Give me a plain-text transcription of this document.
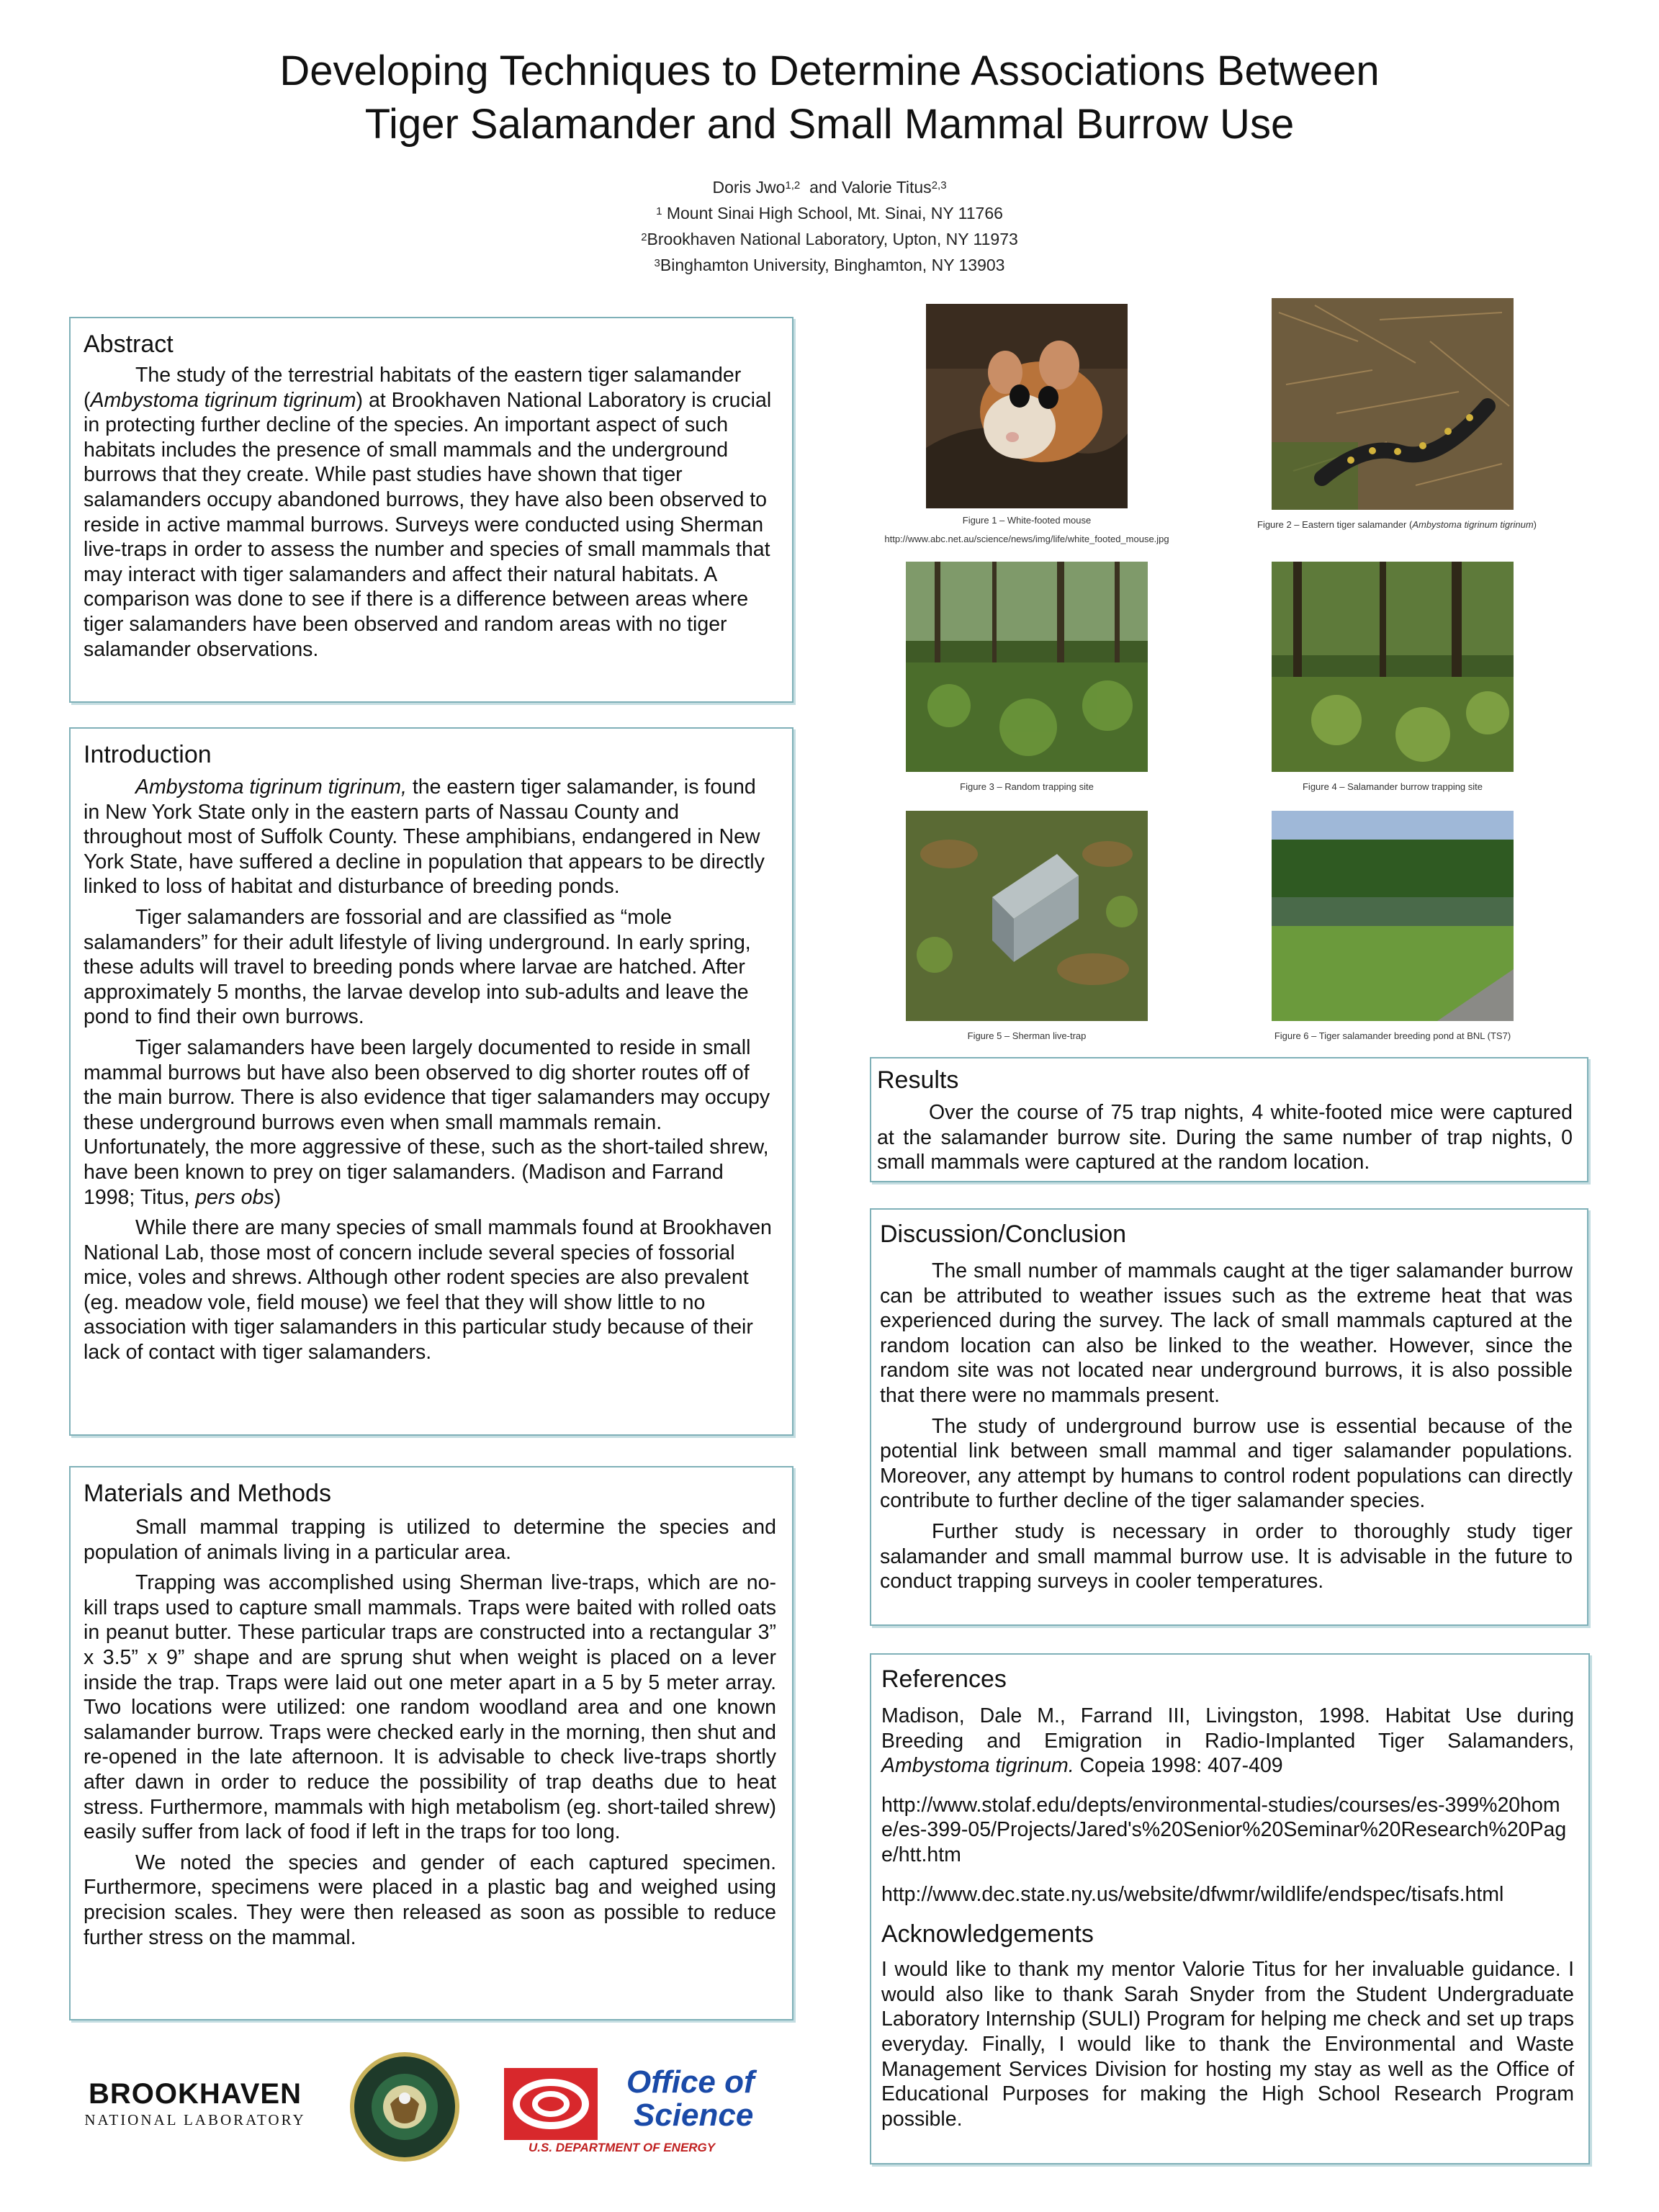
Developing Techniques to Determine Associations Between
Tiger Salamander and Small Mammal Burrow Use
Doris Jwo$^{1,2}$ and Valorie Titus$^{2,3}$
$^1$ Mount Sinai High School, Mt. Sinai, NY 11766
$^2$Brookhaven National Laboratory, Upton, NY 11973
$^3$Binghamton University, Binghamton, NY 13903
Abstract

The study of the terrestrial habitats of the eastern tiger salamander (Ambystoma tigrinum tigrinum) at Brookhaven National Laboratory is crucial in protecting further decline of the species. An important aspect of such habitats includes the presence of small mammals and the underground burrows that they create. While past studies have shown that tiger salamanders occupy abandoned burrows, they have also been observed to reside in active mammal burrows. Surveys were conducted using Sherman live-traps in order to assess the number and species of small mammals that may interact with tiger salamanders and affect their natural habitats. A comparison was done to see if there is a difference between areas where tiger salamanders have been observed and random areas with no tiger salamander observations.

Introduction

Ambystoma tigrinum tigrinum, the eastern tiger salamander, is found in New York State only in the eastern parts of Nassau County and throughout most of Suffolk County. These amphibians, endangered in New York State, have suffered a decline in population that appears to be directly linked to loss of habitat and disturbance of breeding ponds.

Tiger salamanders are fossorial and are classified as “mole salamanders” for their adult lifestyle of living underground. In early spring, these adults will travel to breeding ponds where larvae are hatched. After approximately 5 months, the larvae develop into sub-adults and leave the pond to find their own burrows.

Tiger salamanders have been largely documented to reside in small mammal burrows but have also been observed to dig shorter routes off of the main burrow. There is also evidence that tiger salamanders may occupy these underground burrows even when small mammals remain. Unfortunately, the more aggressive of these, such as the short-tailed shrew, have been known to prey on tiger salamanders. (Madison and Farrand 1998; Titus, pers obs)

While there are many species of small mammals found at Brookhaven National Lab, those most of concern include several species of fossorial mice, voles and shrews. Although other rodent species are also prevalent (eg. meadow vole, field mouse) we feel that they will show little to no association with tiger salamanders in this particular study because of their lack of contact with tiger salamanders.

Materials and Methods

Small mammal trapping is utilized to determine the species and population of animals living in a particular area.

Trapping was accomplished using Sherman live-traps, which are no-kill traps used to capture small mammals. Traps were baited with rolled oats in peanut butter. These particular traps are constructed into a rectangular 3” x 3.5” x 9” shape and are sprung shut when weight is placed on a lever inside the trap. Traps were laid out one meter apart in a 5 by 5 meter array. Two locations were utilized: one random woodland area and one known salamander burrow. Traps were checked early in the morning, then shut and re-opened in the late afternoon. It is advisable to check live-traps shortly after dawn in order to reduce the possibility of trap deaths due to heat stress. Furthermore, mammals with high metabolism (eg. short-tailed shrew) easily suffer from lack of food if left in the traps for too long.

We noted the species and gender of each captured specimen. Furthermore, specimens were placed in a plastic bag and weighed using precision scales. They were then released as soon as possible to reduce further stress on the mammal.

Figure 1 – White-footed mouse
http://www.abc.net.au/science/news/img/life/white_footed_mouse.jpg
Figure 2 – Eastern tiger salamander (Ambystoma tigrinum tigrinum)
Figure 3 – Random trapping site	Figure 4 – Salamander burrow trapping site
Figure 5 – Sherman live-trap	Figure 6 – Tiger salamander breeding pond at BNL (TS7)
Results

Over the course of 75 trap nights, 4 white-footed mice were captured at the salamander burrow site. During the same number of trap nights, 0 small mammals were captured at the random location.

Discussion/Conclusion

The small number of mammals caught at the tiger salamander burrow can be attributed to weather issues such as the extreme heat that was experienced during the survey. The lack of small mammals captured at the random location can also be linked to the weather. However, since the random site was not located near underground burrows, it is also possible that there were no mammals present.

The study of underground burrow use is essential because of the potential link between small mammal and tiger salamander populations. Moreover, any attempt by humans to control rodent populations can directly contribute to further decline of the tiger salamander species.

Further study is necessary in order to thoroughly study tiger salamander and small mammal burrow use. It is advisable in the future to conduct trapping surveys in cooler temperatures.

References

Madison, Dale M., Farrand III, Livingston, 1998. Habitat Use during Breeding and Emigration in Radio-Implanted Tiger Salamanders, Ambystoma tigrinum. Copeia 1998: 407-409

http://www.stolaf.edu/depts/environmental-studies/courses/es-399%20home/es-399-05/Projects/Jared's%20Senior%20Seminar%20Research%20Page/htt.htm

http://www.dec.state.ny.us/website/dfwmr/wildlife/endspec/tisafs.html

Acknowledgements

I would like to thank my mentor Valorie Titus for her invaluable guidance. I would also like to thank Sarah Snyder from the Student Undergraduate Laboratory Internship (SULI) Program for helping me check and set up traps everyday. Finally, I would like to thank the Environmental and Waste Management Services Division for hosting my stay as well as the Office of Educational Purposes for making the High School Research Program possible.

BROOKHAVEN
NATIONAL LABORATORY
Office of
Science
U.S. DEPARTMENT OF ENERGY
